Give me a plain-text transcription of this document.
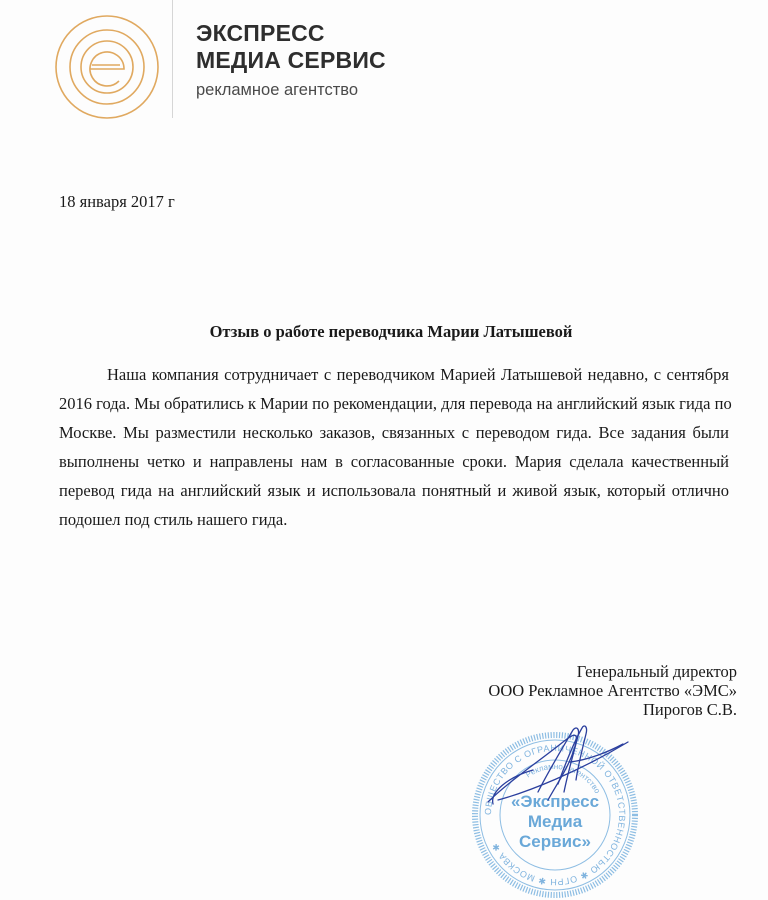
ЭКСПРЕСС
МЕДИА СЕРВИС
рекламное агентство
18 января 2017 г
Отзыв о работе переводчика Марии Латышевой
Наша компания сотрудничает с переводчиком Марией Латышевой недавно, с сентября
2016 года. Мы обратились к Марии по рекомендации, для перевода на английский язык гида по
Москве. Мы разместили несколько заказов, связанных с переводом гида. Все задания были
выполнены четко и направлены нам в согласованные сроки. Мария сделала качественный
перевод гида на английский язык и использовала понятный и живой язык, который отлично
подошел под стиль нашего гида.
Генеральный директор
ООО Рекламное Агентство «ЭМС»
Пирогов С.В.
ОБЩЕСТВО С ОГРАНИЧЕННОЙ ОТВЕТСТВЕННОСТЬЮ ✱ ОГРН ✱ МОСКВА ✱
Рекламное агентство
«Экспресс
Медиа
Сервис»
